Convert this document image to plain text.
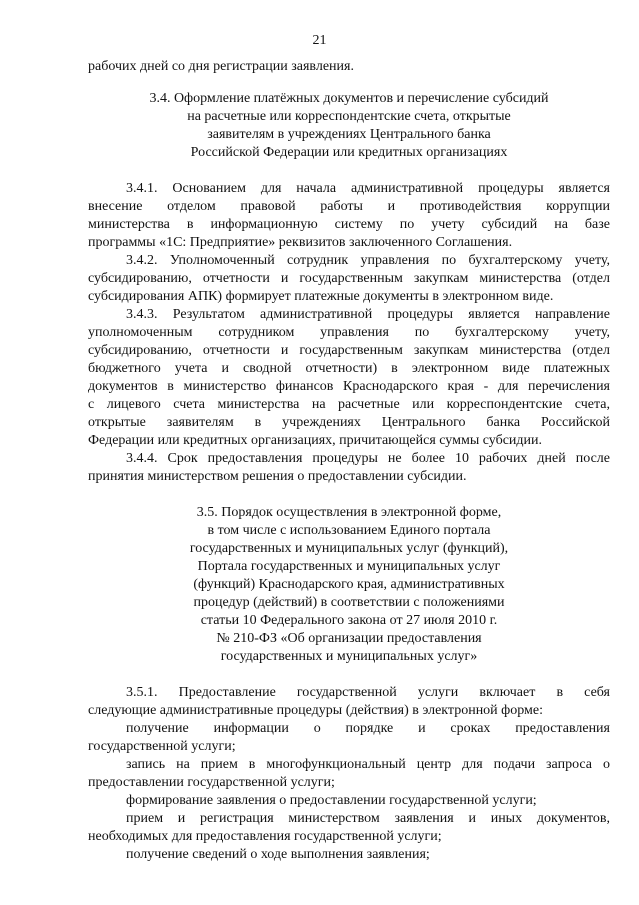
21
рабочих дней со дня регистрации заявления.
3.4. Оформление платёжных документов и перечисление субсидий
на расчетные или корреспондентские счета, открытые
заявителям в учреждениях Центрального банка
Российской Федерации или кредитных организациях
3.4.1. Основанием для начала административной процедуры является
внесение отделом правовой работы и противодействия коррупции
министерства в информационную систему по учету субсидий на базе
программы «1С: Предприятие» реквизитов заключенного Соглашения.
3.4.2. Уполномоченный сотрудник управления по бухгалтерскому учету,
субсидированию, отчетности и государственным закупкам министерства (отдел
субсидирования АПК) формирует платежные документы в электронном виде.
3.4.3. Результатом административной процедуры является направление
уполномоченным сотрудником управления по бухгалтерскому учету,
субсидированию, отчетности и государственным закупкам министерства (отдел
бюджетного учета и сводной отчетности) в электронном виде платежных
документов в министерство финансов Краснодарского края - для перечисления
с лицевого счета министерства на расчетные или корреспондентские счета,
открытые заявителям в учреждениях Центрального банка Российской
Федерации или кредитных организациях, причитающейся суммы субсидии.
3.4.4. Срок предоставления процедуры не более 10 рабочих дней после
принятия министерством решения о предоставлении субсидии.
3.5. Порядок осуществления в электронной форме,
в том числе с использованием Единого портала
государственных и муниципальных услуг (функций),
Портала государственных и муниципальных услуг
(функций) Краснодарского края, административных
процедур (действий) в соответствии с положениями
статьи 10 Федерального закона от 27 июля 2010 г.
№ 210-ФЗ «Об организации предоставления
государственных и муниципальных услуг»
3.5.1. Предоставление государственной услуги включает в себя
следующие административные процедуры (действия) в электронной форме:
получение информации о порядке и сроках предоставления
государственной услуги;
запись на прием в многофункциональный центр для подачи запроса о
предоставлении государственной услуги;
формирование заявления о предоставлении государственной услуги;
прием и регистрация министерством заявления и иных документов,
необходимых для предоставления государственной услуги;
получение сведений о ходе выполнения заявления;
